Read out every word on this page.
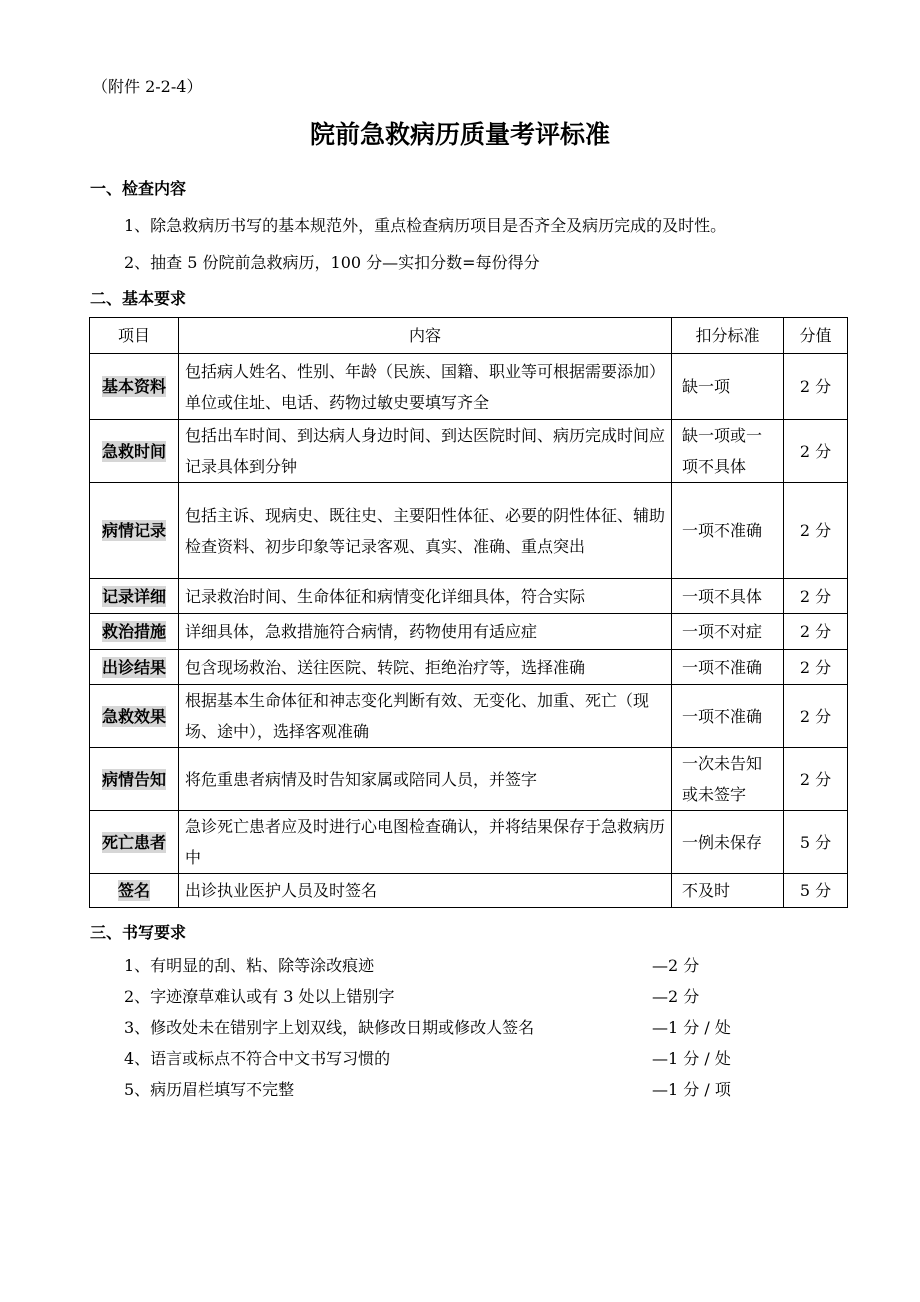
（附件 2-2-4）
院前急救病历质量考评标准
一、检查内容
1、除急救病历书写的基本规范外，重点检查病历项目是否齐全及病历完成的及时性。
2、抽查 5 份院前急救病历，100 分—实扣分数=每份得分
二、基本要求
项目	内容	扣分标准	分值
基本资料	包括病人姓名、性别、年龄（民族、国籍、职业等可根据需要添加）单位或住址、电话、药物过敏史要填写齐全	缺一项	2 分
急救时间	包括出车时间、到达病人身边时间、到达医院时间、病历完成时间应记录具体到分钟	缺一项或一项不具体	2 分
病情记录	包括主诉、现病史、既往史、主要阳性体征、必要的阴性体征、辅助检查资料、初步印象等记录客观、真实、准确、重点突出	一项不准确	2 分
记录详细	记录救治时间、生命体征和病情变化详细具体，符合实际	一项不具体	2 分
救治措施	详细具体，急救措施符合病情，药物使用有适应症	一项不对症	2 分
出诊结果	包含现场救治、送往医院、转院、拒绝治疗等，选择准确	一项不准确	2 分
急救效果	根据基本生命体征和神志变化判断有效、无变化、加重、死亡（现场、途中），选择客观准确	一项不准确	2 分
病情告知	将危重患者病情及时告知家属或陪同人员，并签字	一次未告知或未签字	2 分
死亡患者	急诊死亡患者应及时进行心电图检查确认，并将结果保存于急救病历中	一例未保存	5 分
签名	出诊执业医护人员及时签名	不及时	5 分
三、书写要求
1、有明显的刮、粘、除等涂改痕迹	—2 分
2、字迹潦草难认或有 3 处以上错别字	—2 分
3、修改处未在错别字上划双线，缺修改日期或修改人签名	—1 分 / 处
4、语言或标点不符合中文书写习惯的	—1 分 / 处
5、病历眉栏填写不完整	—1 分 / 项
